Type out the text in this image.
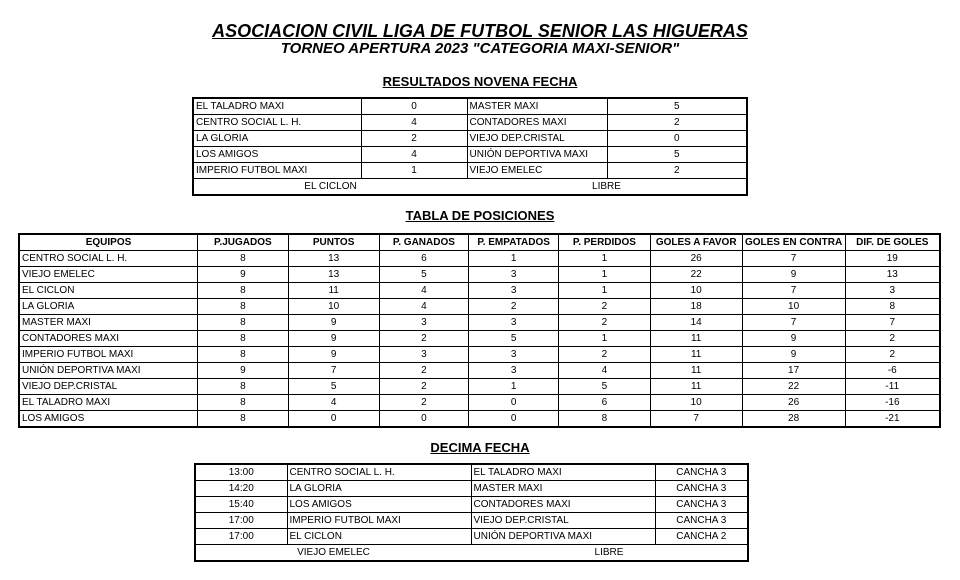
ASOCIACION CIVIL LIGA DE FUTBOL SENIOR LAS HIGUERAS
TORNEO APERTURA 2023 "CATEGORIA MAXI-SENIOR"
RESULTADOS NOVENA FECHA
EL TALADRO MAXI	0	MASTER MAXI	5
CENTRO SOCIAL L. H.	4	CONTADORES MAXI	2
LA GLORIA	2	VIEJO DEP.CRISTAL	0
LOS AMIGOS	4	UNIÓN DEPORTIVA MAXI	5
IMPERIO FUTBOL MAXI	1	VIEJO EMELEC	2
EL CICLON		LIBRE	
TABLA DE POSICIONES
EQUIPOS	P.JUGADOS	PUNTOS	P. GANADOS	P. EMPATADOS	P. PERDIDOS	GOLES A FAVOR	GOLES EN CONTRA	DIF. DE GOLES
CENTRO SOCIAL L. H.	8	13	6	1	1	26	7	19
VIEJO EMELEC	9	13	5	3	1	22	9	13
EL CICLON	8	11	4	3	1	10	7	3
LA GLORIA	8	10	4	2	2	18	10	8
MASTER MAXI	8	9	3	3	2	14	7	7
CONTADORES MAXI	8	9	2	5	1	11	9	2
IMPERIO FUTBOL MAXI	8	9	3	3	2	11	9	2
UNIÓN DEPORTIVA MAXI	9	7	2	3	4	11	17	-6
VIEJO DEP.CRISTAL	8	5	2	1	5	11	22	-11
EL TALADRO MAXI	8	4	2	0	6	10	26	-16
LOS AMIGOS	8	0	0	0	8	7	28	-21
DECIMA FECHA
13:00	CENTRO SOCIAL L. H.	EL TALADRO MAXI	CANCHA 3
14:20	LA GLORIA	MASTER MAXI	CANCHA 3
15:40	LOS AMIGOS	CONTADORES MAXI	CANCHA 3
17:00	IMPERIO FUTBOL MAXI	VIEJO DEP.CRISTAL	CANCHA 3
17:00	EL CICLON	UNIÓN DEPORTIVA MAXI	CANCHA 2
VIEJO EMELEC		LIBRE	
